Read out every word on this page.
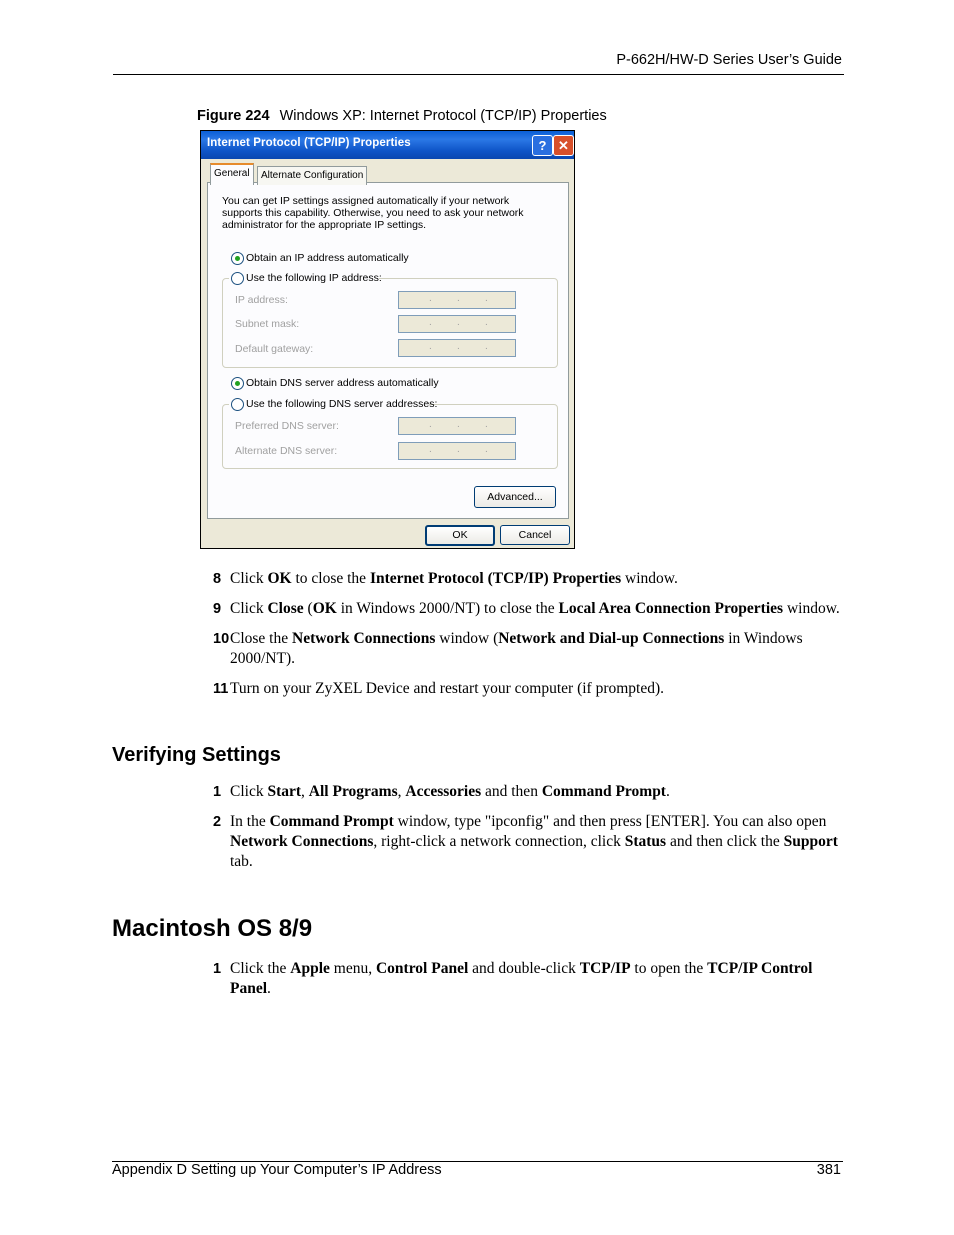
P-662H/HW-D Series User’s Guide
Figure 224 Windows XP: Internet Protocol (TCP/IP) Properties
Internet Protocol (TCP/IP) Properties	? ✕
You can get IP settings assigned automatically if your network supports this capability. Otherwise, you need to ask your network administrator for the appropriate IP settings.
Obtain an IP address automatically
Use the following IP address:
IP address:	.	.	.
Subnet mask:	.	.	.
Default gateway:	.	.	.
Obtain DNS server address automatically
Use the following DNS server addresses:
Preferred DNS server:	.	.	.
Alternate DNS server:	.	.	.
Advanced...
General	Alternate Configuration
OK	Cancel
8 Click OK to close the Internet Protocol (TCP/IP) Properties window.
9 Click Close (OK in Windows 2000/NT) to close the Local Area Connection Properties window.
10 Close the Network Connections window (Network and Dial-up Connections in Windows 2000/NT).
11 Turn on your ZyXEL Device and restart your computer (if prompted).
Verifying Settings
1 Click Start, All Programs, Accessories and then Command Prompt.
2 In the Command Prompt window, type "ipconfig" and then press [ENTER]. You can also open Network Connections, right-click a network connection, click Status and then click the Support tab.
Macintosh OS 8/9
1 Click the Apple menu, Control Panel and double-click TCP/IP to open the TCP/IP Control Panel.
Appendix D Setting up Your Computer’s IP Address	381
